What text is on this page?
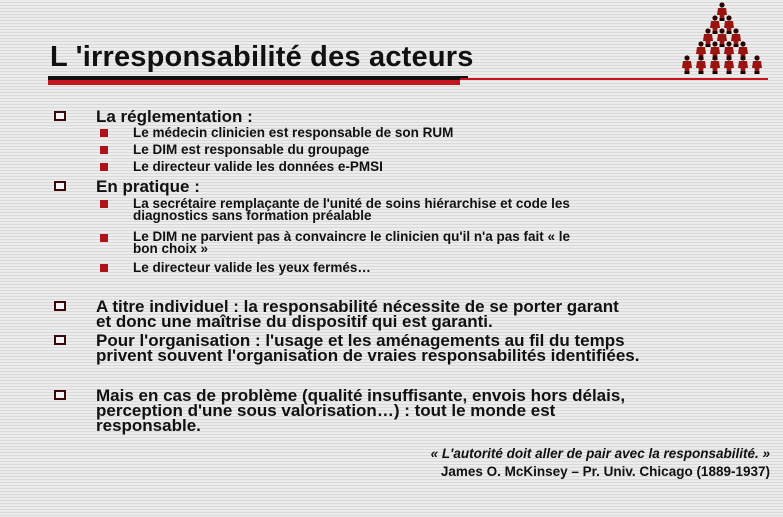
L 'irresponsabilité des acteurs
La réglementation :
Le médecin clinicien est responsable de son RUM
Le DIM est responsable du groupage
Le directeur valide les données e-PMSI
En pratique :
La secrétaire remplaçante de l'unité de soins hiérarchise et code les
diagnostics sans formation préalable
Le DIM ne parvient pas à convaincre le clinicien qu'il n'a pas fait « le
bon choix »
Le directeur valide les yeux fermés…
A titre individuel : la responsabilité nécessite de se porter garant
et donc une maîtrise du dispositif qui est garanti.
Pour l'organisation : l'usage et les aménagements au fil du temps
privent souvent l'organisation de vraies responsabilités identifiées.
Mais en cas de problème (qualité insuffisante, envois hors délais,
perception d'une sous valorisation…) : tout le monde est
responsable.
« L'autorité doit aller de pair avec la responsabilité. »
James O. McKinsey – Pr. Univ. Chicago (1889-1937)
